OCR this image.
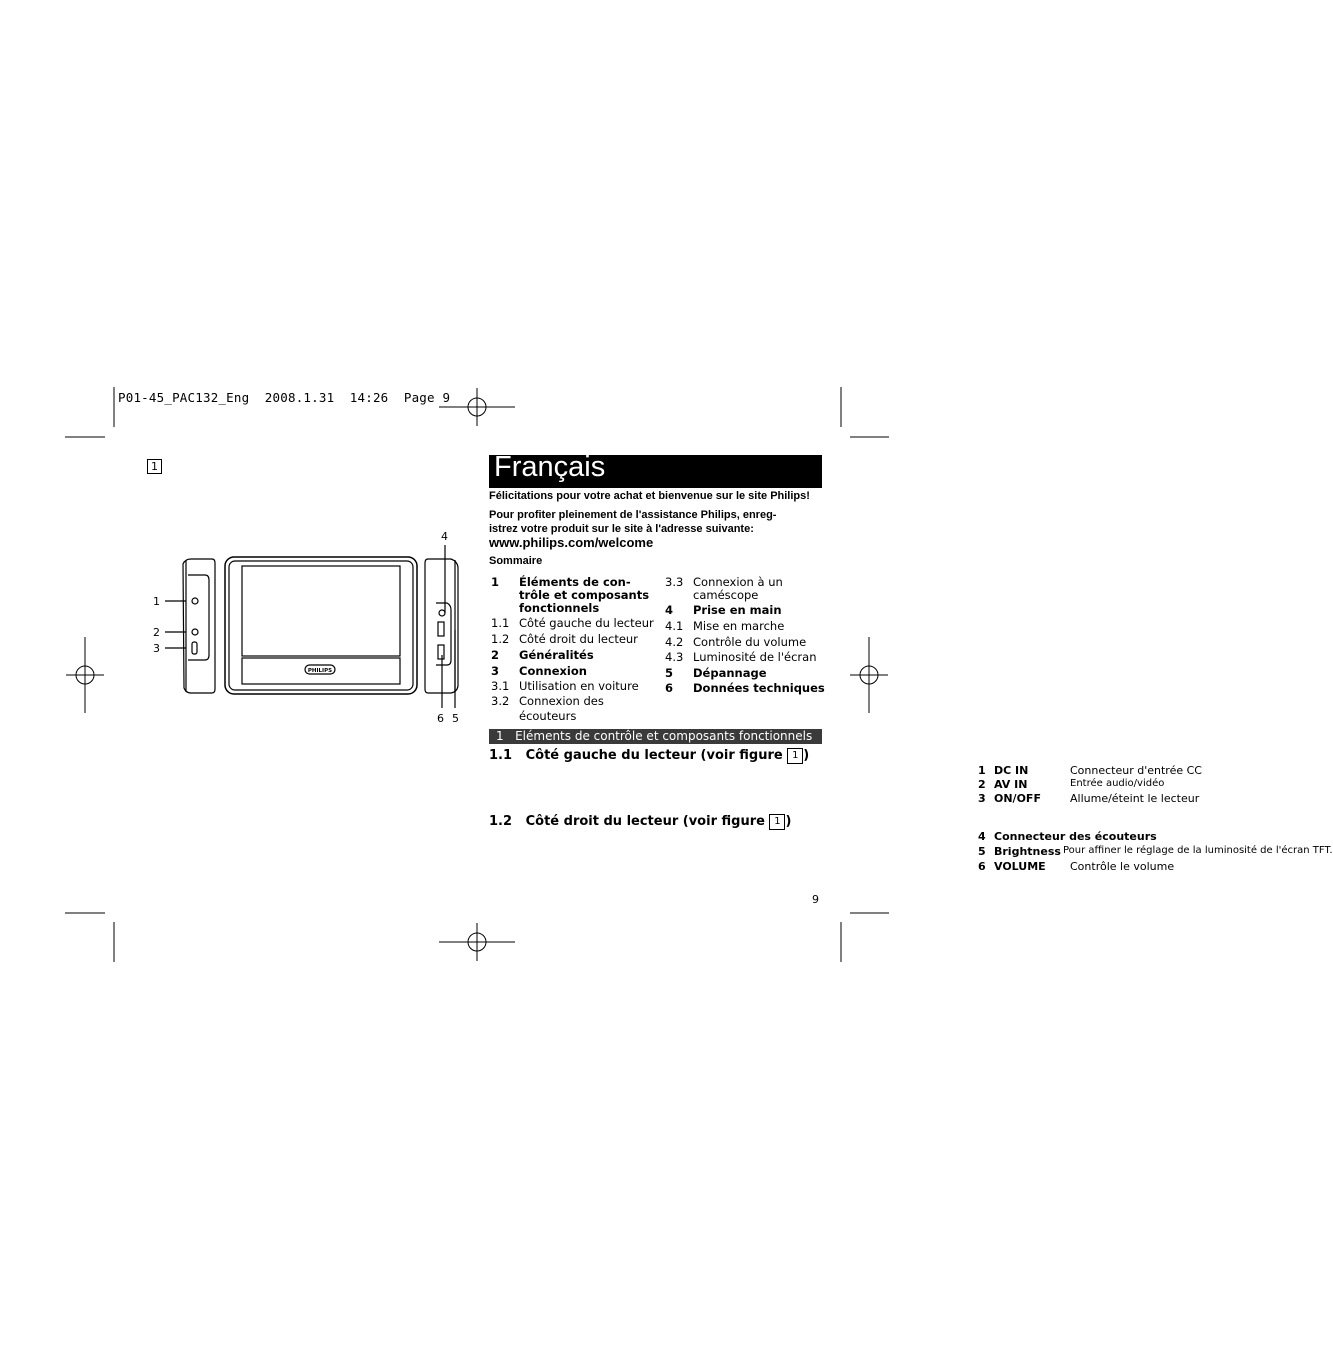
P01-45_PAC132_Eng  2008.1.31  14:26  Page 9
1
1
2
3
4
6 5
PHILIPS
Français
Félicitations pour votre achat et bienvenue sur le site Philips!
Pour profiter pleinement de l'assistance Philips, enreg-
istrez votre produit sur le site à l'adresse suivante:
www.philips.com/welcome
Sommaire
1 Éléments de con-
trôle et composants
fonctionnels
1.1 Côté gauche du lecteur
1.2 Côté droit du lecteur
2 Généralités
3 Connexion
3.1 Utilisation en voiture
3.2 Connexion des
écouteurs
3.3 Connexion à un
caméscope
4 Prise en main
4.1 Mise en marche
4.2 Contrôle du volume
4.3 Luminosité de l'écran
5 Dépannage
6 Données techniques
1   Eléments de contrôle et composants fonctionnels
1.1   Côté gauche du lecteur (voir figure 1 )
1 DC IN	Connecteur d'entrée CC
2 AV IN	Entrée audio/vidéo
3 ON/OFF	Allume/éteint le lecteur
1.2   Côté droit du lecteur (voir figure 1 )
4 Connecteur des écouteurs
5 Brightness Pour affiner le réglage de la luminosité de l'écran TFT.
6 VOLUME Contrôle le volume
9
